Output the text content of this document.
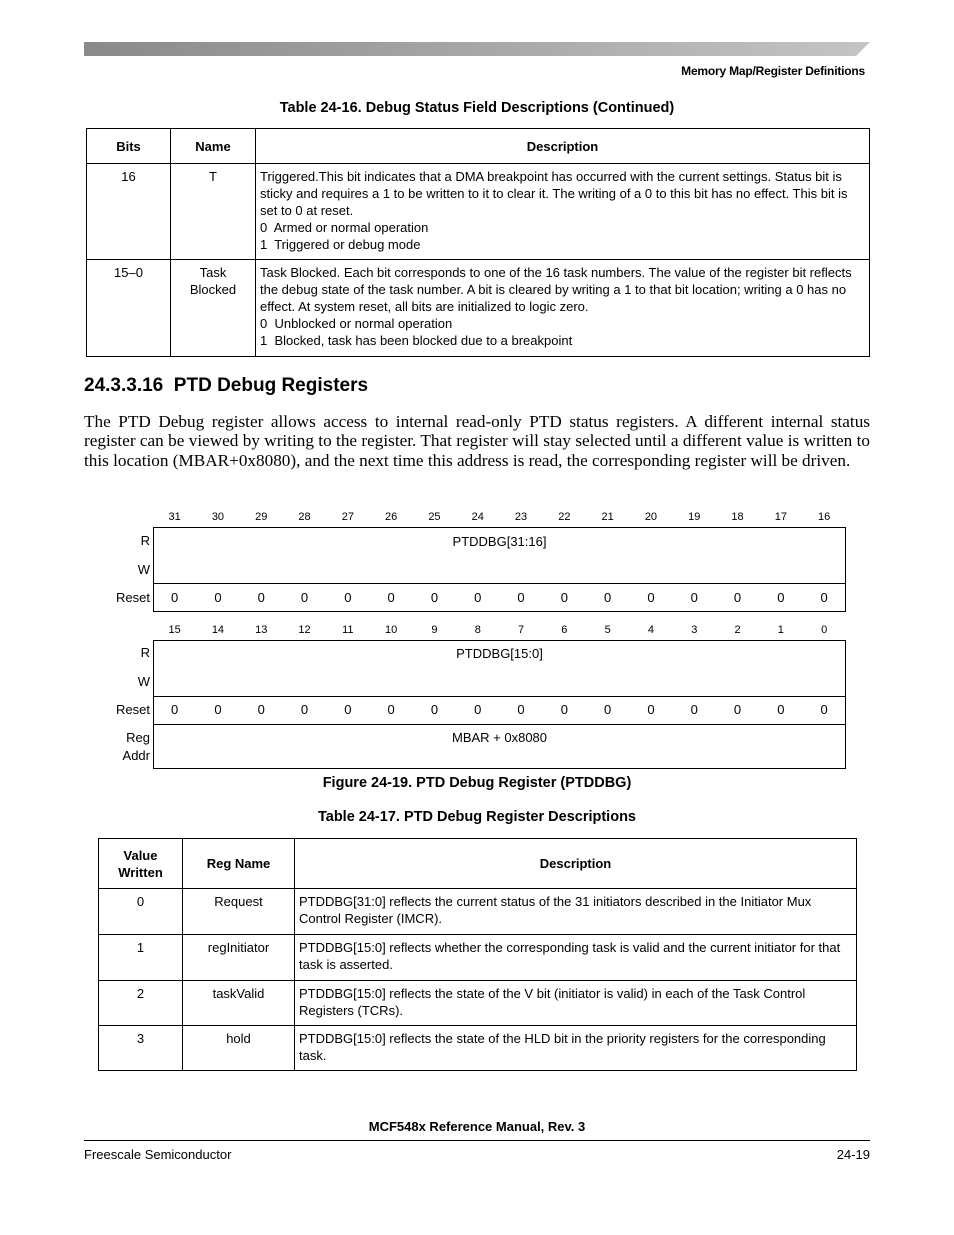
Memory Map/Register Definitions
Table 24-16. Debug Status Field Descriptions (Continued)
Bits	Name	Description
16	T	Triggered.This bit indicates that a DMA breakpoint has occurred with the current settings. Status bit is sticky and requires a 1 to be written to it to clear it. The writing of a 0 to this bit has no effect. This bit is set to 0 at reset.
0  Armed or normal operation
1  Triggered or debug mode

15–0	Task Blocked	Task Blocked. Each bit corresponds to one of the 16 task numbers. The value of the register bit reflects the debug state of the task number. A bit is cleared by writing a 1 to that bit location; writing a 0 has no effect. At system reset, all bits are initialized to logic zero.
0  Unblocked or normal operation
1  Blocked, task has been blocked due to a breakpoint
24.3.3.16  PTD Debug Registers
The PTD Debug register allows access to internal read-only PTD status registers. A different internal status register can be viewed by writing to the register. That register will stay selected until a different value is written to this location (MBAR+0x8080), and the next time this address is read, the corresponding register will be driven.
31	30	29	28	27	26	25	24	23	22	21	20	19	18	17	16
R
W
Reset
PTDDBG[31:16]
0	0	0	0	0	0	0	0	0	0	0	0	0	0	0	0
15	14	13	12	11	10	9	8	7	6	5	4	3	2	1	0
R
W
Reset
PTDDBG[15:0]
0	0	0	0	0	0	0	0	0	0	0	0	0	0	0	0
Reg
Addr
MBAR + 0x8080
Figure 24-19. PTD Debug Register (PTDDBG)
Table 24-17. PTD Debug Register Descriptions
Value Written	Reg Name	Description
0	Request	PTDDBG[31:0] reflects the current status of the 31 initiators described in the Initiator Mux Control Register (IMCR).
1	regInitiator	PTDDBG[15:0] reflects whether the corresponding task is valid and the current initiator for that task is asserted.
2	taskValid	PTDDBG[15:0] reflects the state of the V bit (initiator is valid) in each of the Task Control Registers (TCRs).
3	hold	PTDDBG[15:0] reflects the state of the HLD bit in the priority registers for the corresponding task.
MCF548x Reference Manual, Rev. 3
Freescale Semiconductor	24-19
